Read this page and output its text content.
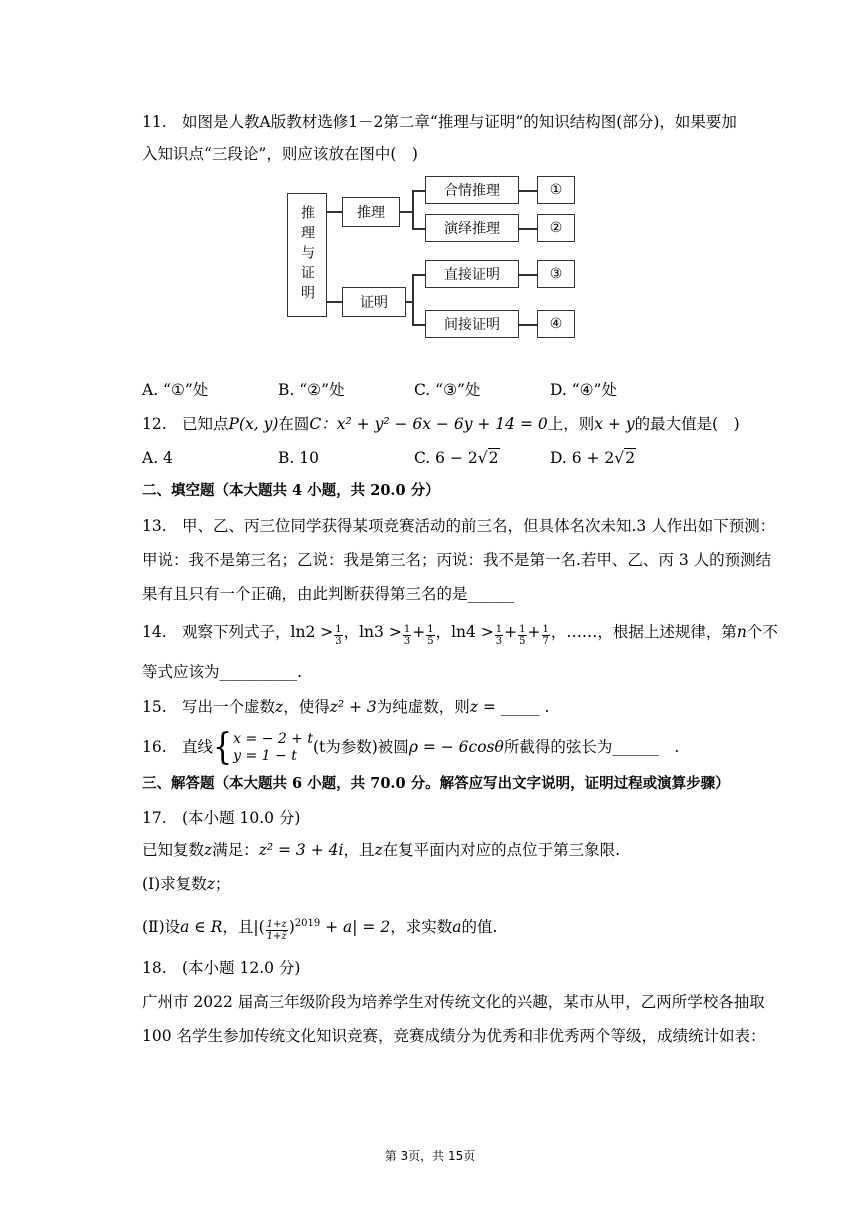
11. 如图是人教A版教材选修1－2第二章“推理与证明”的知识结构图(部分)，如果要加
入知识点“三段论”，则应该放在图中(　)
推理与证明	推理
证明
合情推理
演绎推理
直接证明
间接证明
①
②
③
④
A. “①”处	B. “②”处	C. “③”处	D. “④”处
12. 已知点P(x, y)在圆C：x² + y² − 6x − 6y + 14 = 0上，则x + y的最大值是(　)
A. 4	B. 10	C. 6 − 2√2	D. 6 + 2√2
二、填空题（本大题共 4 小题，共 20.0 分）
13. 甲、乙、丙三位同学获得某项竞赛活动的前三名，但具体名次未知.3 人作出如下预测：
甲说：我不是第三名；乙说：我是第三名；丙说：我不是第一名.若甲、乙、丙 3 人的预测结
果有且只有一个正确，由此判断获得第三名的是______
14. 观察下列式子，$\ln 2 > \frac{1}{3}$ ，$\ln 3 > \frac{1}{3} + \frac{1}{5}$ ，$\ln 4 > \frac{1}{3} + \frac{1}{5} + \frac{1}{7}$ ，……，根据上述规律，第n个不
等式应该为__________.
15. 写出一个虚数z，使得z² + 3为纯虚数，则z = _____ .
16. 直线{ x = − 2 + t
y = 1 − t	(t为参数)被圆ρ = − 6cosθ所截得的弦长为______　.
三、解答题（本大题共 6 小题，共 70.0 分。解答应写出文字说明，证明过程或演算步骤）
17. (本小题 10.0 分)
已知复数z满足：z² = 3 + 4i，且z在复平面内对应的点位于第三象限.
(Ⅰ)求复数z；
(Ⅱ)设a ∈ R，且|( $\frac{1+z}{1+z̄} )^{2019} + a| = 2$，求实数a的值.
18. (本小题 12.0 分)
广州市 2022 届高三年级阶段为培养学生对传统文化的兴趣，某市从甲，乙两所学校各抽取
100 名学生参加传统文化知识竞赛，竞赛成绩分为优秀和非优秀两个等级，成绩统计如表：
第 3页，共 15页
